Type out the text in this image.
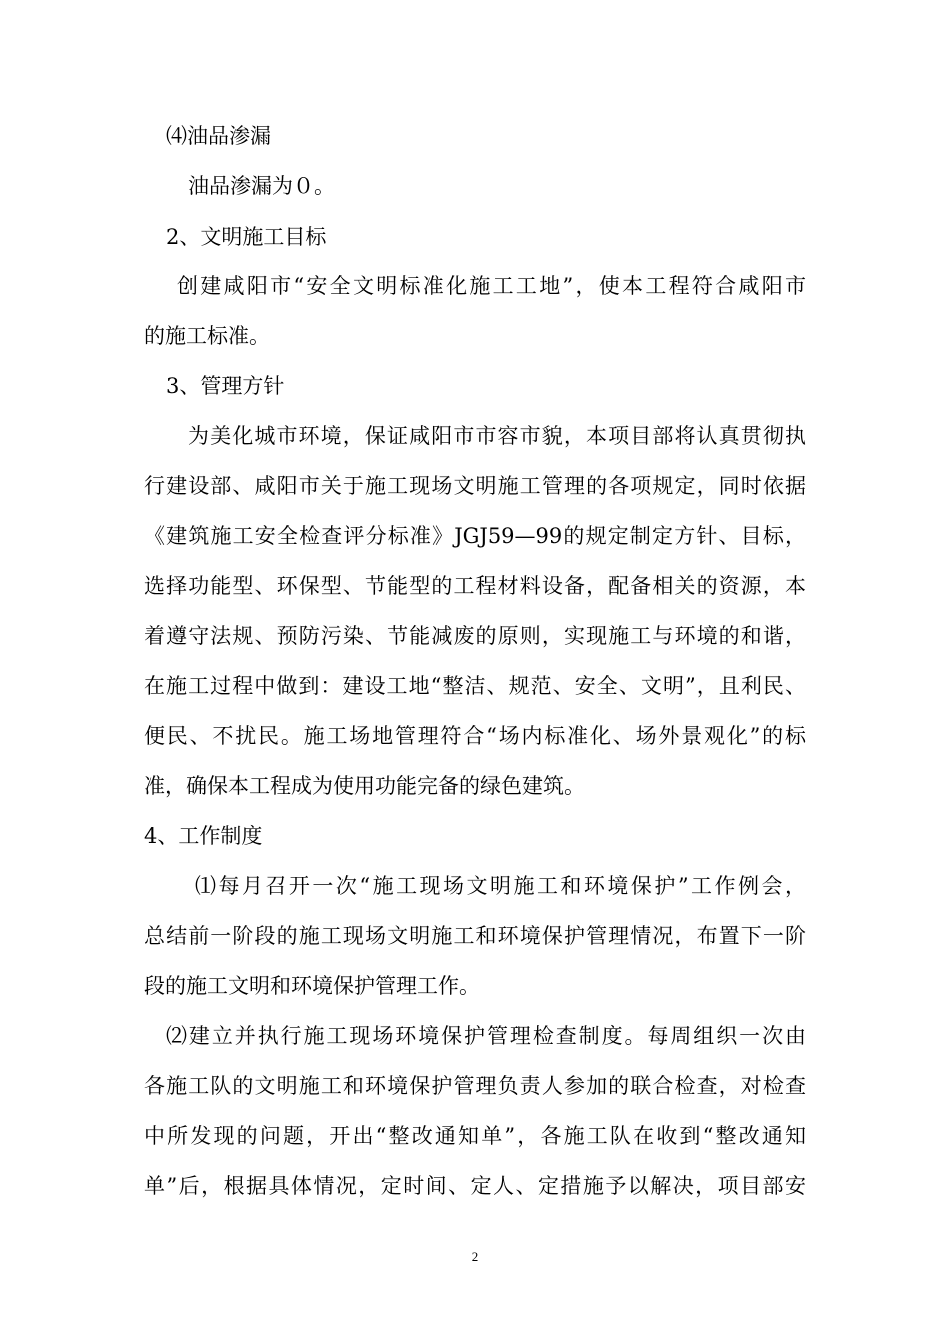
⑷油品渗漏
油品渗漏为０。
2、文明施工目标
创建咸阳市“安全文明标准化施工工地”，使本工程符合咸阳市
的施工标准。
3、管理方针
为美化城市环境，保证咸阳市市容市貌，本项目部将认真贯彻执
行建设部、咸阳市关于施工现场文明施工管理的各项规定，同时依据
《建筑施工安全检查评分标准》JGJ59—99的规定制定方针、目标，
选择功能型、环保型、节能型的工程材料设备，配备相关的资源，本
着遵守法规、预防污染、节能减废的原则，实现施工与环境的和谐，
在施工过程中做到：建设工地“整洁、规范、安全、文明”，且利民、
便民、不扰民。施工场地管理符合“场内标准化、场外景观化”的标
准，确保本工程成为使用功能完备的绿色建筑。
4、工作制度
⑴每月召开一次“施工现场文明施工和环境保护”工作例会，
总结前一阶段的施工现场文明施工和环境保护管理情况，布置下一阶
段的施工文明和环境保护管理工作。
⑵建立并执行施工现场环境保护管理检查制度。每周组织一次由
各施工队的文明施工和环境保护管理负责人参加的联合检查，对检查
中所发现的问题，开出“整改通知单”，各施工队在收到“整改通知
单”后，根据具体情况，定时间、定人、定措施予以解决，项目部安
2
